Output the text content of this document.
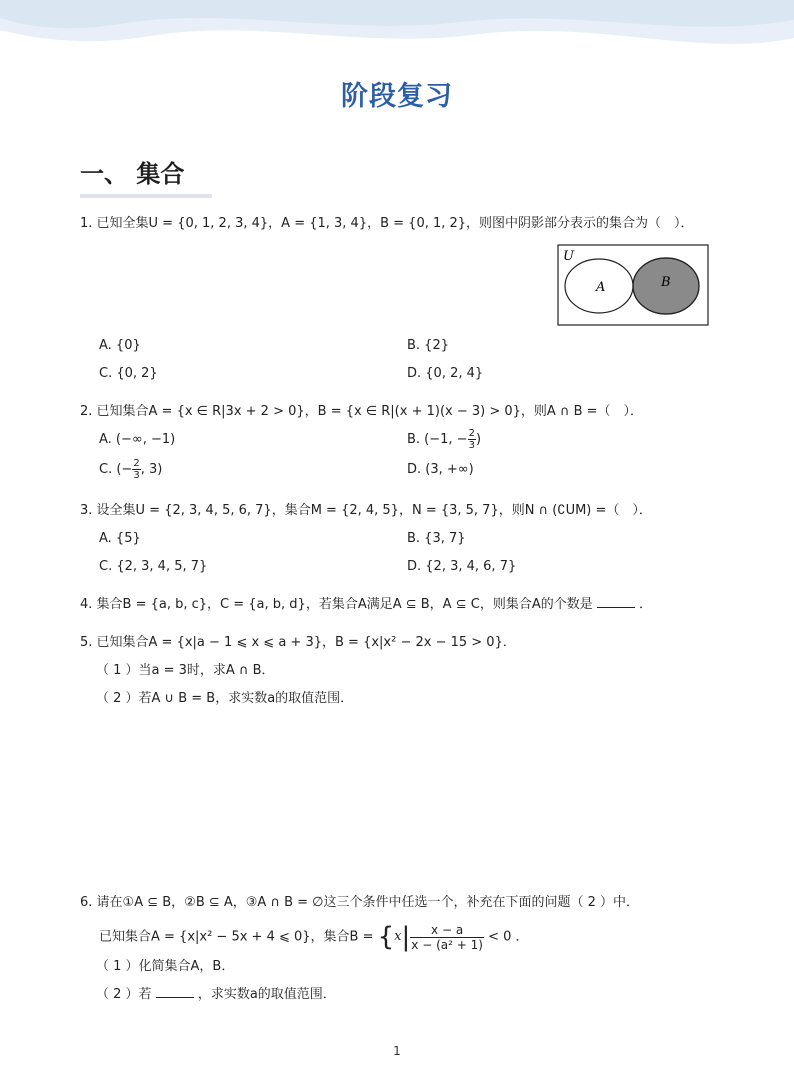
阶段复习
一、 集合
1. 已知全集U = {0, 1, 2, 3, 4}，A = {1, 3, 4}，B = {0, 1, 2}，则图中阴影部分表示的集合为（　）．
U
A	B
A. {0}	B. {2}
C. {0, 2}	D. {0, 2, 4}
2. 已知集合A = {x ∈ R|3x + 2 > 0}，B = {x ∈ R|(x + 1)(x − 3) > 0}，则A ∩ B =（　）．
A. (−∞, −1)	B. (−1, − $\frac{2}{3}$ )
C. (− $\frac{2}{3}$ , 3)	D. (3, +∞)
3. 设全集U = {2, 3, 4, 5, 6, 7}，集合M = {2, 4, 5}，N = {3, 5, 7}，则N ∩ (∁UM) =（　）．
A. {5}	B. {3, 7}
C. {2, 3, 4, 5, 7}	D. {2, 3, 4, 6, 7}
4. 集合B = {a, b, c}，C = {a, b, d}，若集合A满足A ⊆ B，A ⊆ C，则集合A的个数是	．
5. 已知集合A = {x|a − 1 ⩽ x ⩽ a + 3}，B = {x|x² − 2x − 15 > 0}．
（ 1 ）当a = 3时，求A ∩ B．
（ 2 ）若A ∪ B = B，求实数a的取值范围．
6. 请在①A ⊆ B，②B ⊆ A，③A ∩ B = ∅这三个条件中任选一个，补充在下面的问题（ 2 ）中．
已知集合A = {x|x² − 5x + 4 ⩽ 0}，集合$B = \{x| \frac{x - a}{\text{x − (a² + 1)}} < 0$ ．
（ 1 ）化简集合A，B．
（ 2 ）若	，求实数a的取值范围．
1
